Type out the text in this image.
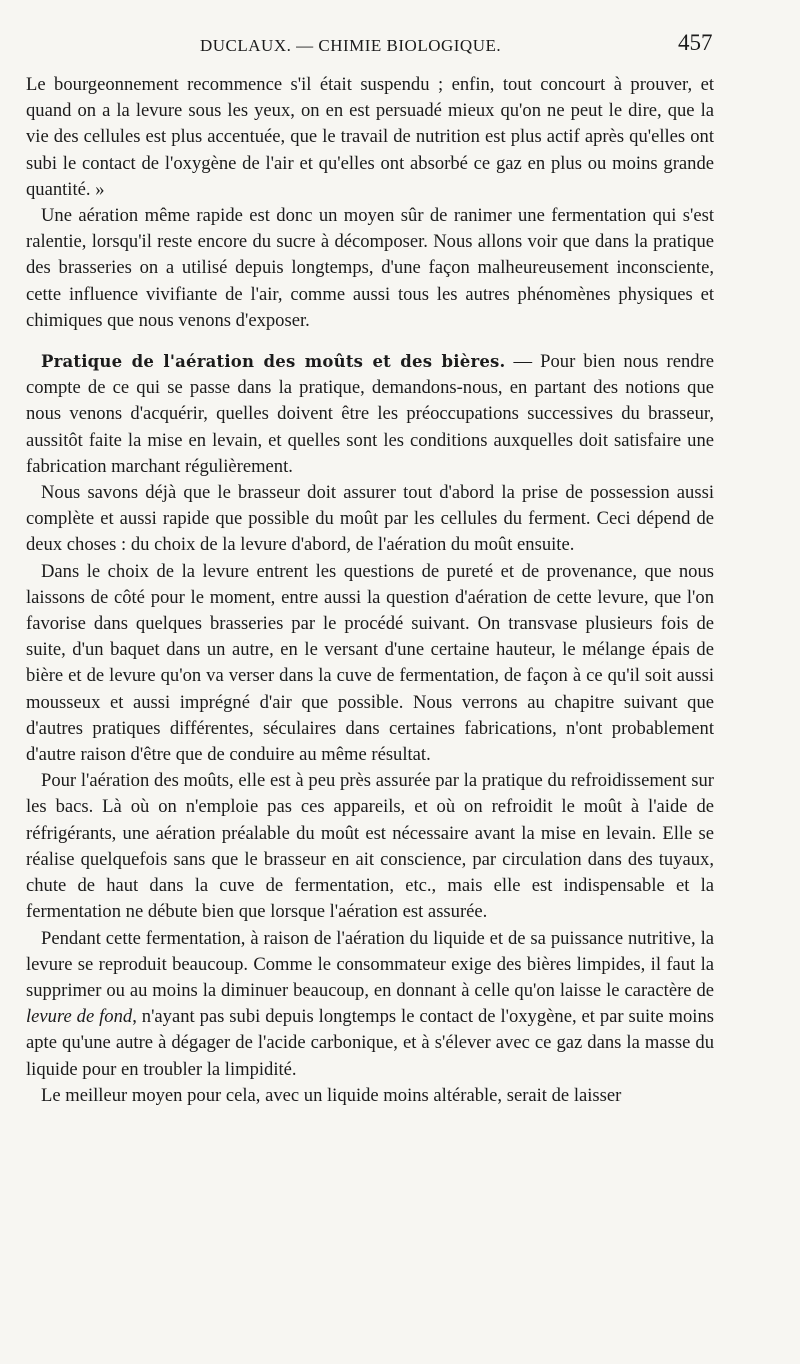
DUCLAUX. — CHIMIE BIOLOGIQUE.	457

Le bourgeonnement recommence s'il était suspendu ; enfin, tout concourt à prouver, et quand on a la levure sous les yeux, on en est persuadé mieux qu'on ne peut le dire, que la vie des cellules est plus accentuée, que le travail de nutrition est plus actif après qu'elles ont subi le contact de l'oxygène de l'air et qu'elles ont absorbé ce gaz en plus ou moins grande quantité. »

Une aération même rapide est donc un moyen sûr de ranimer une fermentation qui s'est ralentie, lorsqu'il reste encore du sucre à décomposer. Nous allons voir que dans la pratique des brasseries on a utilisé depuis longtemps, d'une façon malheureusement inconsciente, cette influence vivifiante de l'air, comme aussi tous les autres phénomènes physiques et chimiques que nous venons d'exposer.

Pratique de l'aération des moûts et des bières. — Pour bien nous rendre compte de ce qui se passe dans la pratique, demandons-nous, en partant des notions que nous venons d'acquérir, quelles doivent être les préoccupations successives du brasseur, aussitôt faite la mise en levain, et quelles sont les conditions auxquelles doit satisfaire une fabrication marchant régulièrement.

Nous savons déjà que le brasseur doit assurer tout d'abord la prise de possession aussi complète et aussi rapide que possible du moût par les cellules du ferment. Ceci dépend de deux choses : du choix de la levure d'abord, de l'aération du moût ensuite.

Dans le choix de la levure entrent les questions de pureté et de provenance, que nous laissons de côté pour le moment, entre aussi la question d'aération de cette levure, que l'on favorise dans quelques brasseries par le procédé suivant. On transvase plusieurs fois de suite, d'un baquet dans un autre, en le versant d'une certaine hauteur, le mélange épais de bière et de levure qu'on va verser dans la cuve de fermentation, de façon à ce qu'il soit aussi mousseux et aussi imprégné d'air que possible. Nous verrons au chapitre suivant que d'autres pratiques différentes, séculaires dans certaines fabrications, n'ont probablement d'autre raison d'être que de conduire au même résultat.

Pour l'aération des moûts, elle est à peu près assurée par la pratique du refroidissement sur les bacs. Là où on n'emploie pas ces appareils, et où on refroidit le moût à l'aide de réfrigérants, une aération préalable du moût est nécessaire avant la mise en levain. Elle se réalise quelquefois sans que le brasseur en ait conscience, par circulation dans des tuyaux, chute de haut dans la cuve de fermentation, etc., mais elle est indispensable et la fermentation ne débute bien que lorsque l'aération est assurée.

Pendant cette fermentation, à raison de l'aération du liquide et de sa puissance nutritive, la levure se reproduit beaucoup. Comme le consommateur exige des bières limpides, il faut la supprimer ou au moins la diminuer beaucoup, en donnant à celle qu'on laisse le caractère de levure de fond, n'ayant pas subi depuis longtemps le contact de l'oxygène, et par suite moins apte qu'une autre à dégager de l'acide carbonique, et à s'élever avec ce gaz dans la masse du liquide pour en troubler la limpidité.

Le meilleur moyen pour cela, avec un liquide moins altérable, serait de laisser
